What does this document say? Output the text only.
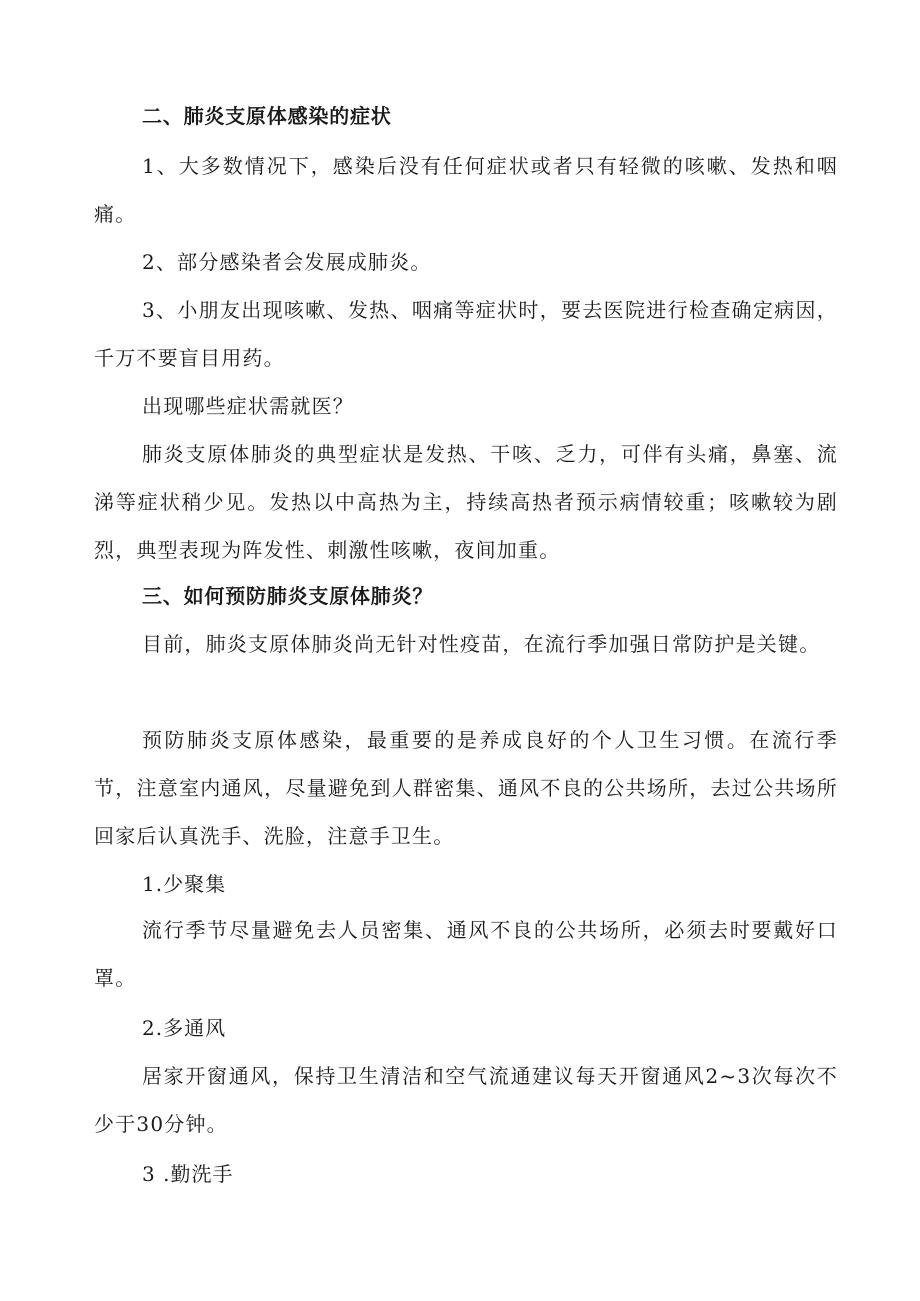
二、肺炎支原体感染的症状

1、大多数情况下，感染后没有任何症状或者只有轻微的咳嗽、发热和咽痛。

2、部分感染者会发展成肺炎。

3、小朋友出现咳嗽、发热、咽痛等症状时，要去医院进行检查确定病因，千万不要盲目用药。

出现哪些症状需就医？

肺炎支原体肺炎的典型症状是发热、干咳、乏力，可伴有头痛，鼻塞、流涕等症状稍少见。发热以中高热为主，持续高热者预示病情较重；咳嗽较为剧烈，典型表现为阵发性、刺激性咳嗽，夜间加重。

三、如何预防肺炎支原体肺炎？

目前，肺炎支原体肺炎尚无针对性疫苗，在流行季加强日常防护是关键。

预防肺炎支原体感染，最重要的是养成良好的个人卫生习惯。在流行季节，注意室内通风，尽量避免到人群密集、通风不良的公共场所，去过公共场所回家后认真洗手、洗脸，注意手卫生。

1.少聚集

流行季节尽量避免去人员密集、通风不良的公共场所，必须去时要戴好口罩。

2.多通风

居家开窗通风，保持卫生清洁和空气流通建议每天开窗通风2~3次每次不少于30分钟。

3 .勤洗手
